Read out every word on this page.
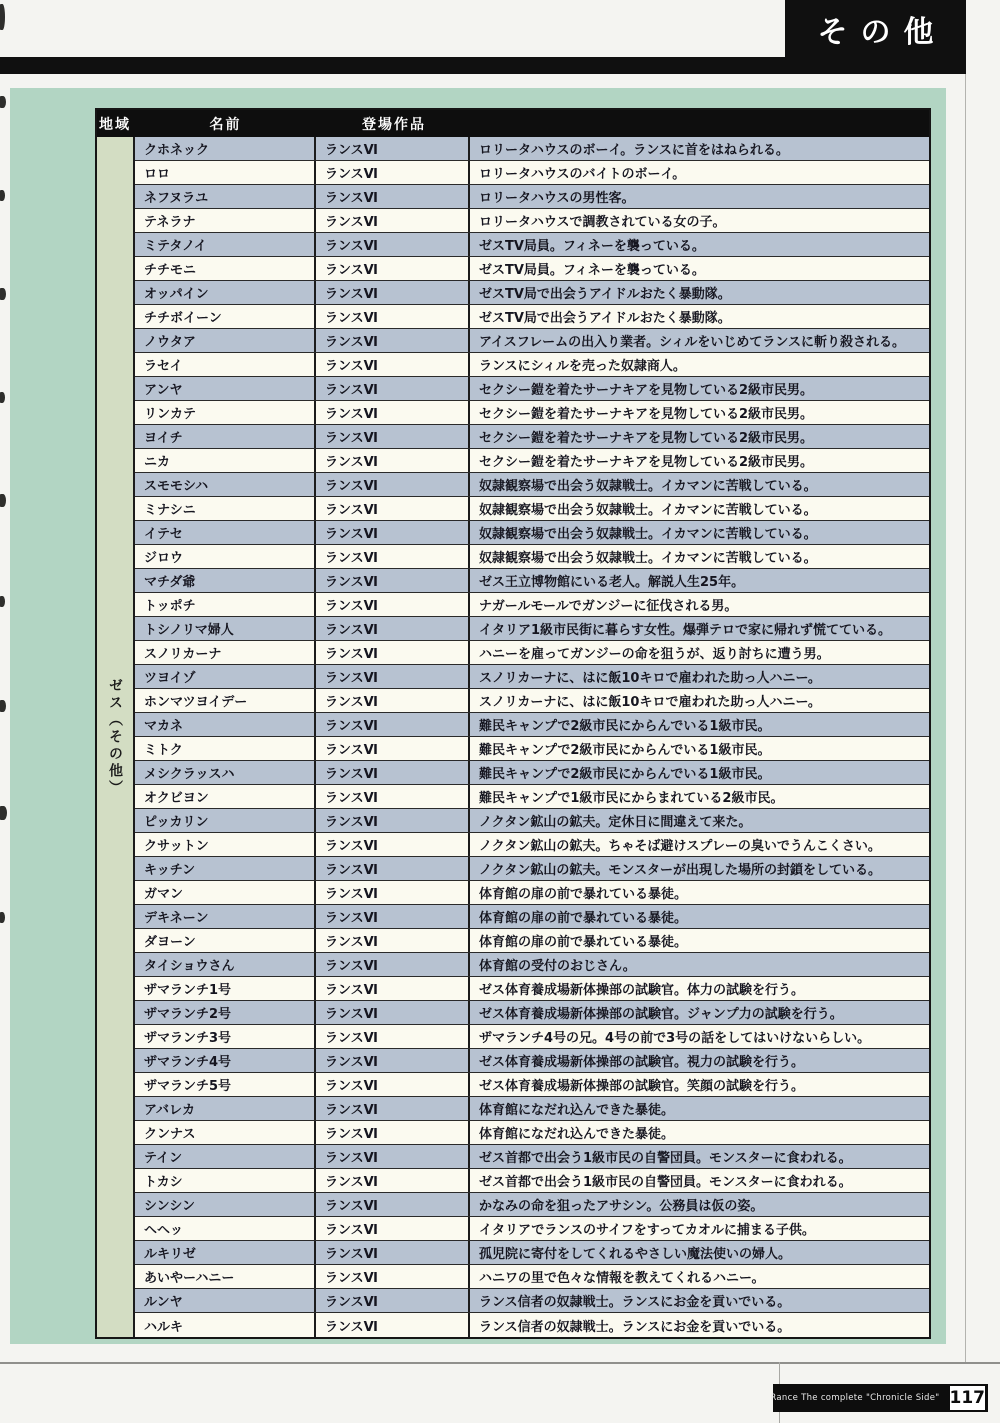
その他
地域	名前	登場作品
ゼス（その他）
クホネック	ランスⅥ	ロリータハウスのボーイ。ランスに首をはねられる。
ロロ	ランスⅥ	ロリータハウスのバイトのボーイ。
ネフヌラユ	ランスⅥ	ロリータハウスの男性客。
テネラナ	ランスⅥ	ロリータハウスで調教されている女の子。
ミテタノイ	ランスⅥ	ゼスTV局員。フィネーを襲っている。
チチモニ	ランスⅥ	ゼスTV局員。フィネーを襲っている。
オッパイン	ランスⅥ	ゼスTV局で出会うアイドルおたく暴動隊。
チチボイーン	ランスⅥ	ゼスTV局で出会うアイドルおたく暴動隊。
ノウタア	ランスⅥ	アイスフレームの出入り業者。シィルをいじめてランスに斬り殺される。
ラセイ	ランスⅥ	ランスにシィルを売った奴隷商人。
アンヤ	ランスⅥ	セクシー鎧を着たサーナキアを見物している2級市民男。
リンカテ	ランスⅥ	セクシー鎧を着たサーナキアを見物している2級市民男。
ヨイチ	ランスⅥ	セクシー鎧を着たサーナキアを見物している2級市民男。
ニカ	ランスⅥ	セクシー鎧を着たサーナキアを見物している2級市民男。
スモモシハ	ランスⅥ	奴隷観察場で出会う奴隷戦士。イカマンに苦戦している。
ミナシニ	ランスⅥ	奴隷観察場で出会う奴隷戦士。イカマンに苦戦している。
イテセ	ランスⅥ	奴隷観察場で出会う奴隷戦士。イカマンに苦戦している。
ジロウ	ランスⅥ	奴隷観察場で出会う奴隷戦士。イカマンに苦戦している。
マチダ爺	ランスⅥ	ゼス王立博物館にいる老人。解説人生25年。
トッポチ	ランスⅥ	ナガールモールでガンジーに征伐される男。
トシノリマ婦人	ランスⅥ	イタリア1級市民街に暮らす女性。爆弾テロで家に帰れず慌てている。
スノリカーナ	ランスⅥ	ハニーを雇ってガンジーの命を狙うが、返り討ちに遭う男。
ツヨイゾ	ランスⅥ	スノリカーナに、はに飯10キロで雇われた助っ人ハニー。
ホンマツヨイデー	ランスⅥ	スノリカーナに、はに飯10キロで雇われた助っ人ハニー。
マカネ	ランスⅥ	難民キャンプで2級市民にからんでいる1級市民。
ミトク	ランスⅥ	難民キャンプで2級市民にからんでいる1級市民。
メシクラッスハ	ランスⅥ	難民キャンプで2級市民にからんでいる1級市民。
オクビヨン	ランスⅥ	難民キャンプで1級市民にからまれている2級市民。
ピッカリン	ランスⅥ	ノクタン鉱山の鉱夫。定休日に間違えて来た。
クサットン	ランスⅥ	ノクタン鉱山の鉱夫。ちゃそば避けスプレーの臭いでうんこくさい。
キッチン	ランスⅥ	ノクタン鉱山の鉱夫。モンスターが出現した場所の封鎖をしている。
ガマン	ランスⅥ	体育館の扉の前で暴れている暴徒。
デキネーン	ランスⅥ	体育館の扉の前で暴れている暴徒。
ダヨーン	ランスⅥ	体育館の扉の前で暴れている暴徒。
タイショウさん	ランスⅥ	体育館の受付のおじさん。
ザマランチ1号	ランスⅥ	ゼス体育養成場新体操部の試験官。体力の試験を行う。
ザマランチ2号	ランスⅥ	ゼス体育養成場新体操部の試験官。ジャンプ力の試験を行う。
ザマランチ3号	ランスⅥ	ザマランチ4号の兄。4号の前で3号の話をしてはいけないらしい。
ザマランチ4号	ランスⅥ	ゼス体育養成場新体操部の試験官。視力の試験を行う。
ザマランチ5号	ランスⅥ	ゼス体育養成場新体操部の試験官。笑顔の試験を行う。
アバレカ	ランスⅥ	体育館になだれ込んできた暴徒。
クンナス	ランスⅥ	体育館になだれ込んできた暴徒。
テイン	ランスⅥ	ゼス首都で出会う1級市民の自警団員。モンスターに食われる。
トカシ	ランスⅥ	ゼス首都で出会う1級市民の自警団員。モンスターに食われる。
シンシン	ランスⅥ	かなみの命を狙ったアサシン。公務員は仮の姿。
ヘヘッ	ランスⅥ	イタリアでランスのサイフをすってカオルに捕まる子供。
ルキリゼ	ランスⅥ	孤児院に寄付をしてくれるやさしい魔法使いの婦人。
あいやーハニー	ランスⅥ	ハニワの里で色々な情報を教えてくれるハニー。
ルンヤ	ランスⅥ	ランス信者の奴隷戦士。ランスにお金を貢いでいる。
ハルキ	ランスⅥ	ランス信者の奴隷戦士。ランスにお金を貢いでいる。
Rance The complete "Chronicle Side" 117
